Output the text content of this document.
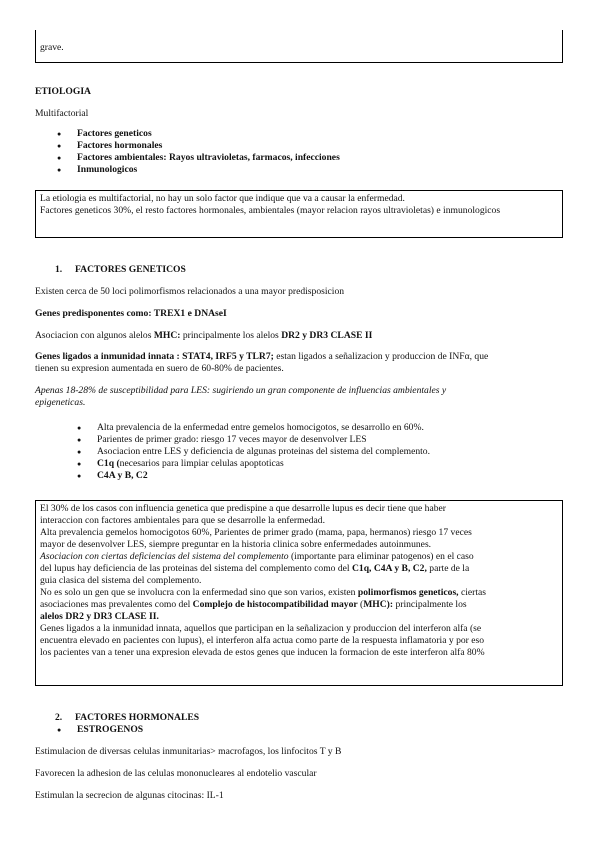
grave.
ETIOLOGIA
Multifactorial
● Factores geneticos
● Factores hormonales
● Factores ambientales: Rayos ultravioletas, farmacos, infecciones
● Inmunologicos

La etiologia es multifactorial, no hay un solo factor que indique que va a causar la enfermedad.

Factores geneticos 30%, el resto factores hormonales, ambientales (mayor relacion rayos ultravioletas) e inmunologicos

1. FACTORES GENETICOS
Existen cerca de 50 loci polimorfismos relacionados a una mayor predisposicion
Genes predisponentes como: TREX1 e DNAseI
Asociacion con algunos alelos MHC: principalmente los alelos DR2 y DR3 CLASE II
Genes ligados a inmunidad innata : STAT4, IRF5 y TLR7; estan ligados a señalizacion y produccion de INFα, que
tienen su expresion aumentada en suero de 60-80% de pacientes.
Apenas 18-28% de susceptibilidad para LES: sugiriendo un gran componente de influencias ambientales y
epigeneticas.
● Alta prevalencia de la enfermedad entre gemelos homocigotos, se desarrollo en 60%.
● Parientes de primer grado: riesgo 17 veces mayor de desenvolver LES
● Asociacion entre LES y deficiencia de algunas proteinas del sistema del complemento.
● C1q (necesarios para limpiar celulas apoptoticas
● C4A y B, C2

El 30% de los casos con influencia genetica que predispine a que desarrolle lupus es decir tiene que haber

interaccion con factores ambientales para que se desarrolle la enfermedad.

Alta prevalencia gemelos homocigotos 60%, Parientes de primer grado (mama, papa, hermanos) riesgo 17 veces

mayor de desenvolver LES, siempre preguntar en la historia clinica sobre enfermedades autoinmunes.

Asociacion con ciertas deficiencias del sistema del complemento (importante para eliminar patogenos) en el caso

del lupus hay deficiencia de las proteinas del sistema del complemento como del C1q, C4A y B, C2, parte de la

guia clasica del sistema del complemento.

No es solo un gen que se involucra con la enfermedad sino que son varios, existen polimorfismos geneticos, ciertas

asociaciones mas prevalentes como del Complejo de histocompatibilidad mayor (MHC): principalmente los

alelos DR2 y DR3 CLASE II.

Genes ligados a la inmunidad innata, aquellos que participan en la señalizacion y produccion del interferon alfa (se

encuentra elevado en pacientes con lupus), el interferon alfa actua como parte de la respuesta inflamatoria y por eso

los pacientes van a tener una expresion elevada de estos genes que inducen la formacion de este interferon alfa 80%

2. FACTORES HORMONALES
● ESTROGENOS
Estimulacion de diversas celulas inmunitarias> macrofagos, los linfocitos T y B
Favorecen la adhesion de las celulas mononucleares al endotelio vascular
Estimulan la secrecion de algunas citocinas: IL-1
